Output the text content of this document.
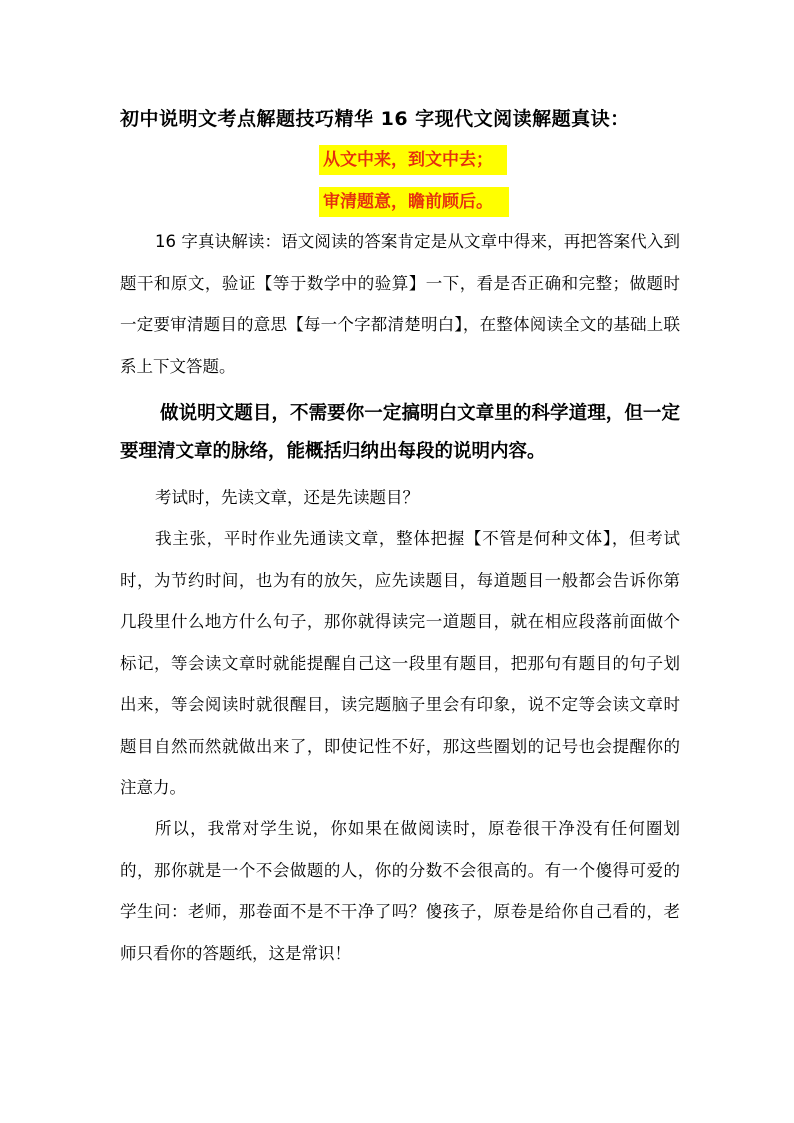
初中说明文考点解题技巧精华 16 字现代文阅读解题真诀：
从文中来，到文中去；
审清题意，瞻前顾后。
16 字真诀解读：语文阅读的答案肯定是从文章中得来，再把答案代入到题干和原文，验证【等于数学中的验算】一下，看是否正确和完整；做题时一定要审清题目的意思【每一个字都清楚明白】，在整体阅读全文的基础上联系上下文答题。
做说明文题目，不需要你一定搞明白文章里的科学道理，但一定要理清文章的脉络，能概括归纳出每段的说明内容。
考试时，先读文章，还是先读题目？
我主张，平时作业先通读文章，整体把握【不管是何种文体】，但考试时，为节约时间，也为有的放矢，应先读题目，每道题目一般都会告诉你第几段里什么地方什么句子，那你就得读完一道题目，就在相应段落前面做个标记，等会读文章时就能提醒自己这一段里有题目，把那句有题目的句子划出来，等会阅读时就很醒目，读完题脑子里会有印象，说不定等会读文章时题目自然而然就做出来了，即使记性不好，那这些圈划的记号也会提醒你的注意力。
所以，我常对学生说，你如果在做阅读时，原卷很干净没有任何圈划的，那你就是一个不会做题的人，你的分数不会很高的。有一个傻得可爱的学生问：老师，那卷面不是不干净了吗？傻孩子，原卷是给你自己看的，老师只看你的答题纸，这是常识！
